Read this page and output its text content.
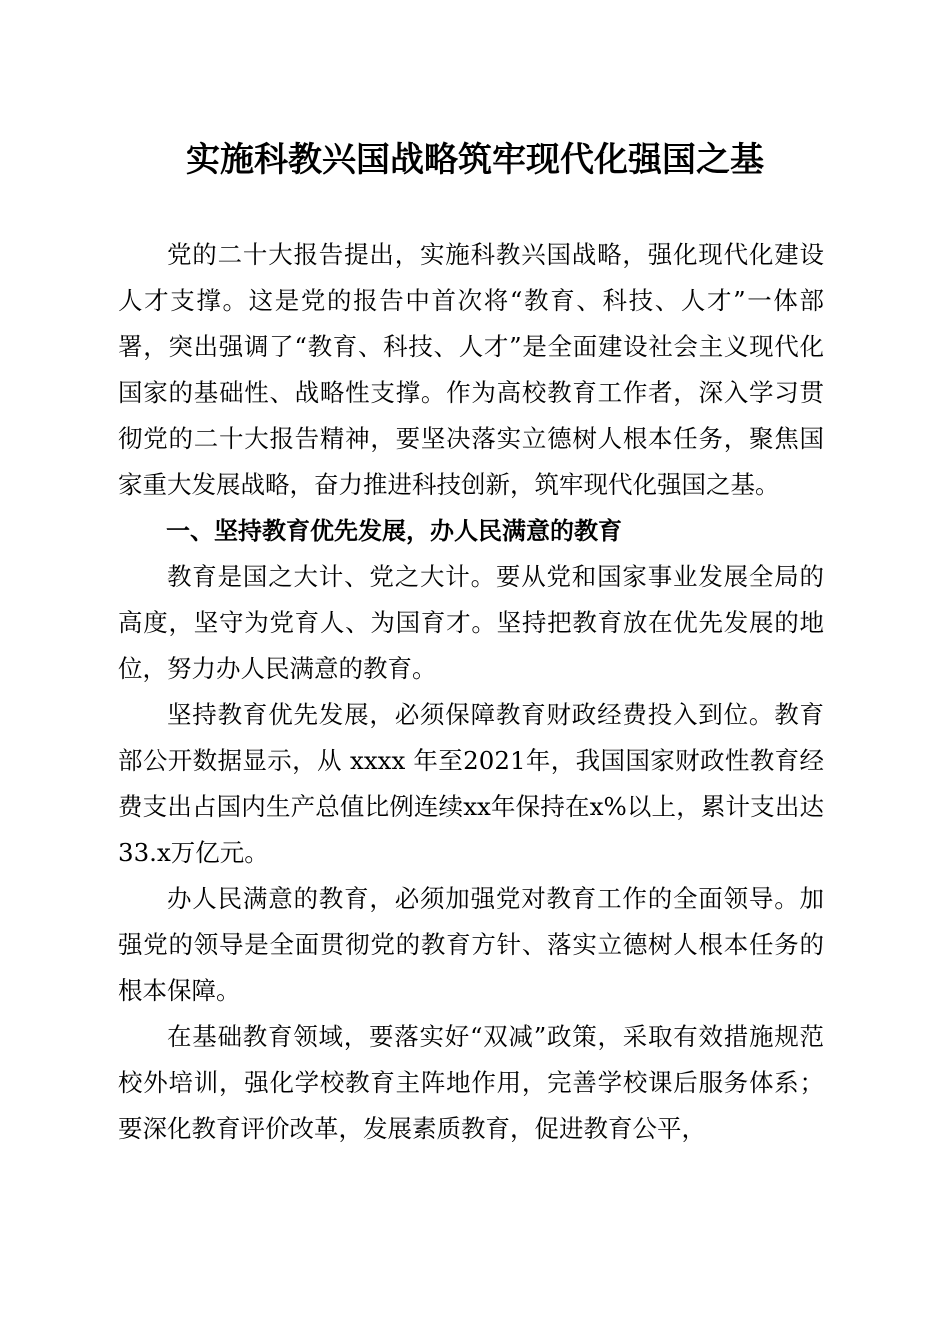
实施科教兴国战略筑牢现代化强国之基

党的二十大报告提出，实施科教兴国战略，强化现代化建设人才支撑。这是党的报告中首次将“教育、科技、人才”一体部署，突出强调了“教育、科技、人才”是全面建设社会主义现代化国家的基础性、战略性支撑。作为高校教育工作者，深入学习贯彻党的二十大报告精神，要坚决落实立德树人根本任务，聚焦国家重大发展战略，奋力推进科技创新，筑牢现代化强国之基。

一、坚持教育优先发展，办人民满意的教育

教育是国之大计、党之大计。要从党和国家事业发展全局的高度，坚守为党育人、为国育才。坚持把教育放在优先发展的地位，努力办人民满意的教育。

坚持教育优先发展，必须保障教育财政经费投入到位。教育部公开数据显示，从 xxxx 年至2021年，我国国家财政性教育经费支出占国内生产总值比例连续xx年保持在x%以上，累计支出达33.x万亿元。

办人民满意的教育，必须加强党对教育工作的全面领导。加强党的领导是全面贯彻党的教育方针、落实立德树人根本任务的根本保障。

在基础教育领域，要落实好“双减”政策，采取有效措施规范校外培训，强化学校教育主阵地作用，完善学校课后服务体系；要深化教育评价改革，发展素质教育，促进教育公平，
